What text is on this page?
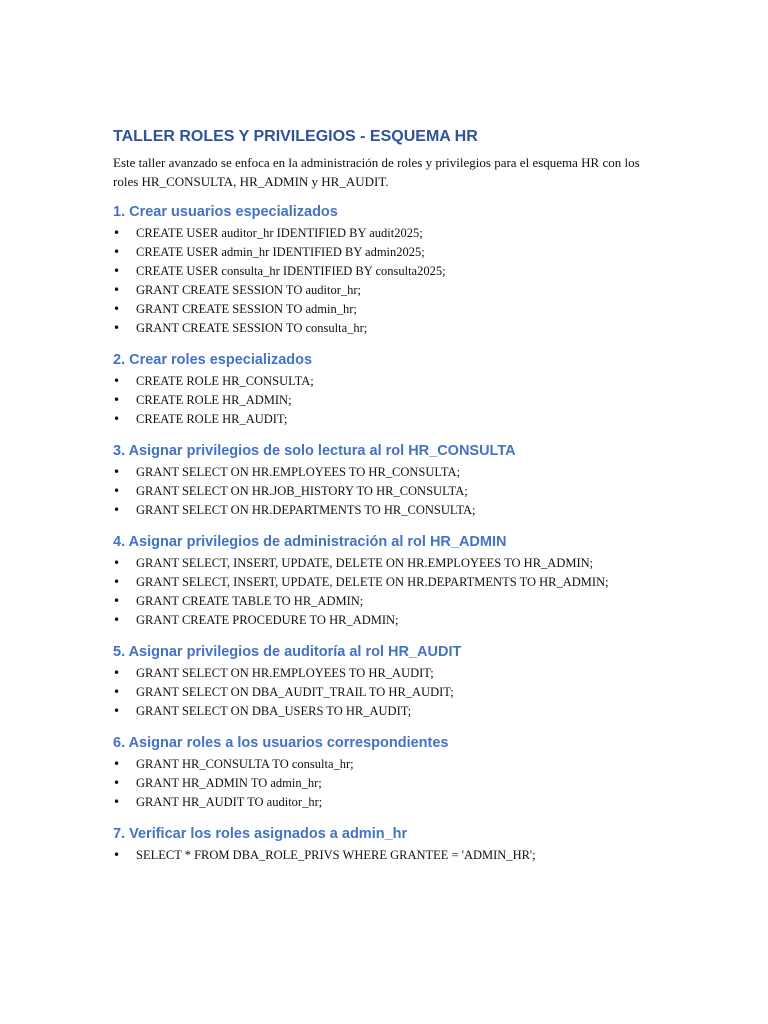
TALLER ROLES Y PRIVILEGIOS - ESQUEMA HR

Este taller avanzado se enfoca en la administración de roles y privilegios para el esquema HR con los roles HR_CONSULTA, HR_ADMIN y HR_AUDIT.

1. Crear usuarios especializados
• CREATE USER auditor_hr IDENTIFIED BY audit2025;
• CREATE USER admin_hr IDENTIFIED BY admin2025;
• CREATE USER consulta_hr IDENTIFIED BY consulta2025;
• GRANT CREATE SESSION TO auditor_hr;
• GRANT CREATE SESSION TO admin_hr;
• GRANT CREATE SESSION TO consulta_hr;
2. Crear roles especializados
• CREATE ROLE HR_CONSULTA;
• CREATE ROLE HR_ADMIN;
• CREATE ROLE HR_AUDIT;
3. Asignar privilegios de solo lectura al rol HR_CONSULTA
• GRANT SELECT ON HR.EMPLOYEES TO HR_CONSULTA;
• GRANT SELECT ON HR.JOB_HISTORY TO HR_CONSULTA;
• GRANT SELECT ON HR.DEPARTMENTS TO HR_CONSULTA;
4. Asignar privilegios de administración al rol HR_ADMIN
• GRANT SELECT, INSERT, UPDATE, DELETE ON HR.EMPLOYEES TO HR_ADMIN;
• GRANT SELECT, INSERT, UPDATE, DELETE ON HR.DEPARTMENTS TO HR_ADMIN;
• GRANT CREATE TABLE TO HR_ADMIN;
• GRANT CREATE PROCEDURE TO HR_ADMIN;
5. Asignar privilegios de auditoría al rol HR_AUDIT
• GRANT SELECT ON HR.EMPLOYEES TO HR_AUDIT;
• GRANT SELECT ON DBA_AUDIT_TRAIL TO HR_AUDIT;
• GRANT SELECT ON DBA_USERS TO HR_AUDIT;
6. Asignar roles a los usuarios correspondientes
• GRANT HR_CONSULTA TO consulta_hr;
• GRANT HR_ADMIN TO admin_hr;
• GRANT HR_AUDIT TO auditor_hr;
7. Verificar los roles asignados a admin_hr
• SELECT * FROM DBA_ROLE_PRIVS WHERE GRANTEE = 'ADMIN_HR';
